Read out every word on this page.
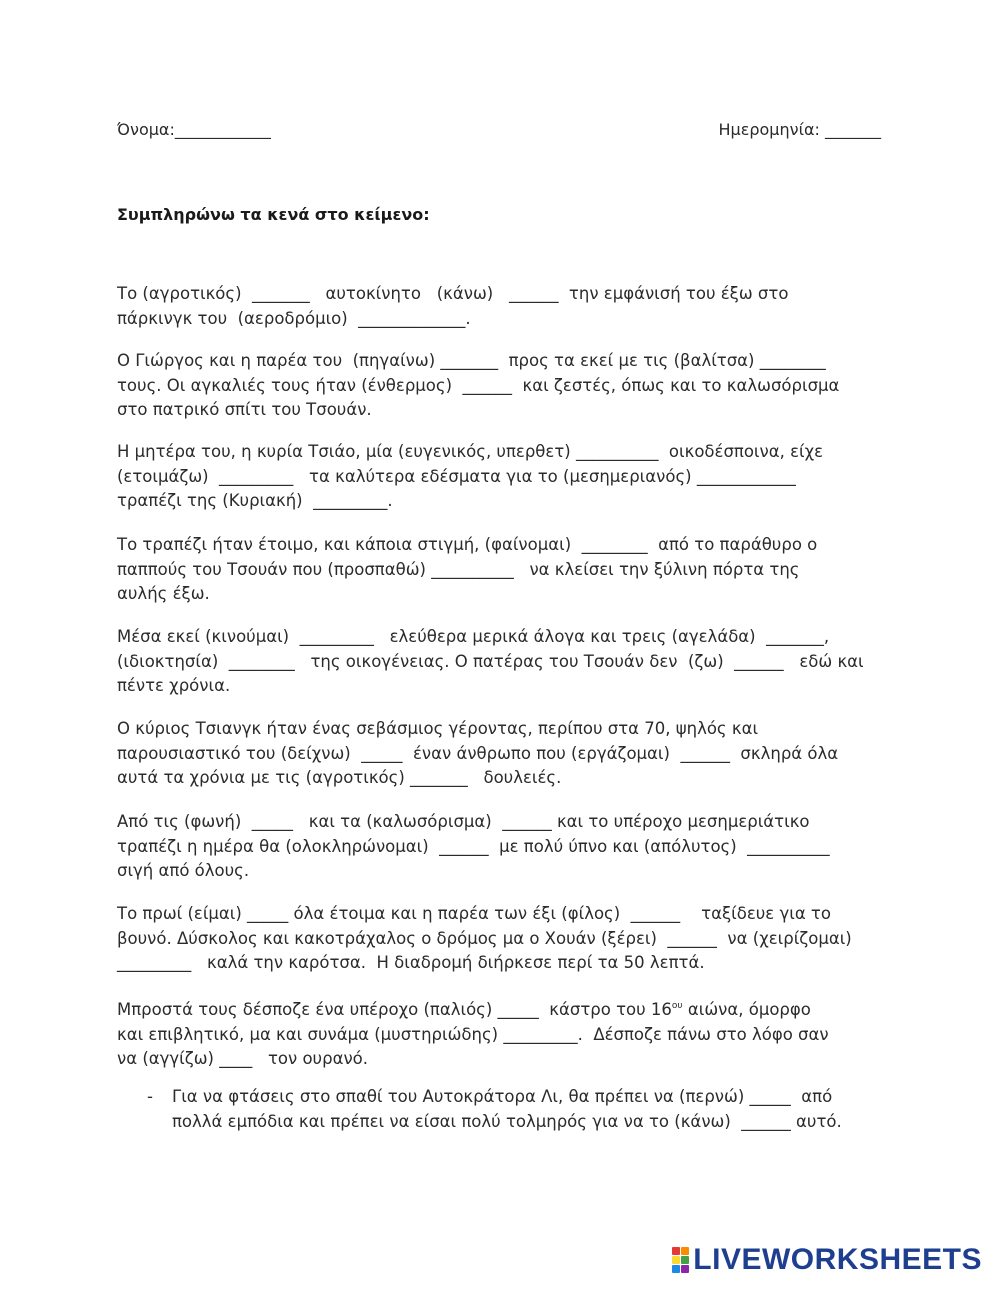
Όνομα:____________	Ημερομηνία: _______
Συμπληρώνω τα κενά στο κείμενο:
Το (αγροτικός)  _______   αυτοκίνητο   (κάνω)   ______  την εμφάνισή του έξω στο
πάρκινγκ του  (αεροδρόμιο)  _____________.
Ο Γιώργος και η παρέα του  (πηγαίνω) _______  προς τα εκεί με τις (βαλίτσα) ________
τους. Οι αγκαλιές τους ήταν (ένθερμος)  ______  και ζεστές, όπως και το καλωσόρισμα
στο πατρικό σπίτι του Τσουάν.
Η μητέρα του, η κυρία Τσιάο, μία (ευγενικός, υπερθετ) __________  οικοδέσποινα, είχε
(ετοιμάζω)  _________   τα καλύτερα εδέσματα για το (μεσημεριανός) ____________
τραπέζι της (Κυριακή)  _________.
Το τραπέζι ήταν έτοιμο, και κάποια στιγμή, (φαίνομαι)  ________  από το παράθυρο ο
παππούς του Τσουάν που (προσπαθώ) __________   να κλείσει την ξύλινη πόρτα της
αυλής έξω.
Μέσα εκεί (κινούμαι)  _________   ελεύθερα μερικά άλογα και τρεις (αγελάδα)  _______,
(ιδιοκτησία)  ________   της οικογένειας. Ο πατέρας του Τσουάν δεν  (ζω)  ______   εδώ και
πέντε χρόνια.
Ο κύριος Τσιανγκ ήταν ένας σεβάσμιος γέροντας, περίπου στα 70, ψηλός και
παρουσιαστικό του (δείχνω)  _____  έναν άνθρωπο που (εργάζομαι)  ______  σκληρά όλα
αυτά τα χρόνια με τις (αγροτικός) _______   δουλειές.
Από τις (φωνή)  _____   και τα (καλωσόρισμα)  ______ και το υπέροχο μεσημεριάτικο
τραπέζι η ημέρα θα (ολοκληρώνομαι)  ______  με πολύ ύπνο και (απόλυτος)  __________
σιγή από όλους.
Το πρωί (είμαι) _____ όλα έτοιμα και η παρέα των έξι (φίλος)  ______    ταξίδευε για το
βουνό. Δύσκολος και κακοτράχαλος ο δρόμος μα ο Χουάν (ξέρει)  ______  να (χειρίζομαι)
_________   καλά την καρότσα.  Η διαδρομή διήρκεσε περί τα 50 λεπτά.
Μπροστά τους δέσποζε ένα υπέροχο (παλιός) _____  κάστρο του $16^{o\upsilon}$ αιώνα, όμορφο
και επιβλητικό, μα και συνάμα (μυστηριώδης) _________.  Δέσποζε πάνω στο λόφο σαν
να (αγγίζω) ____   τον ουρανό.
- Για να φτάσεις στο σπαθί του Αυτοκράτορα Λι, θα πρέπει να (περνώ) _____  από
πολλά εμπόδια και πρέπει να είσαι πολύ τολμηρός για να το (κάνω)  ______ αυτό.
LIVEWORKSHEETS
